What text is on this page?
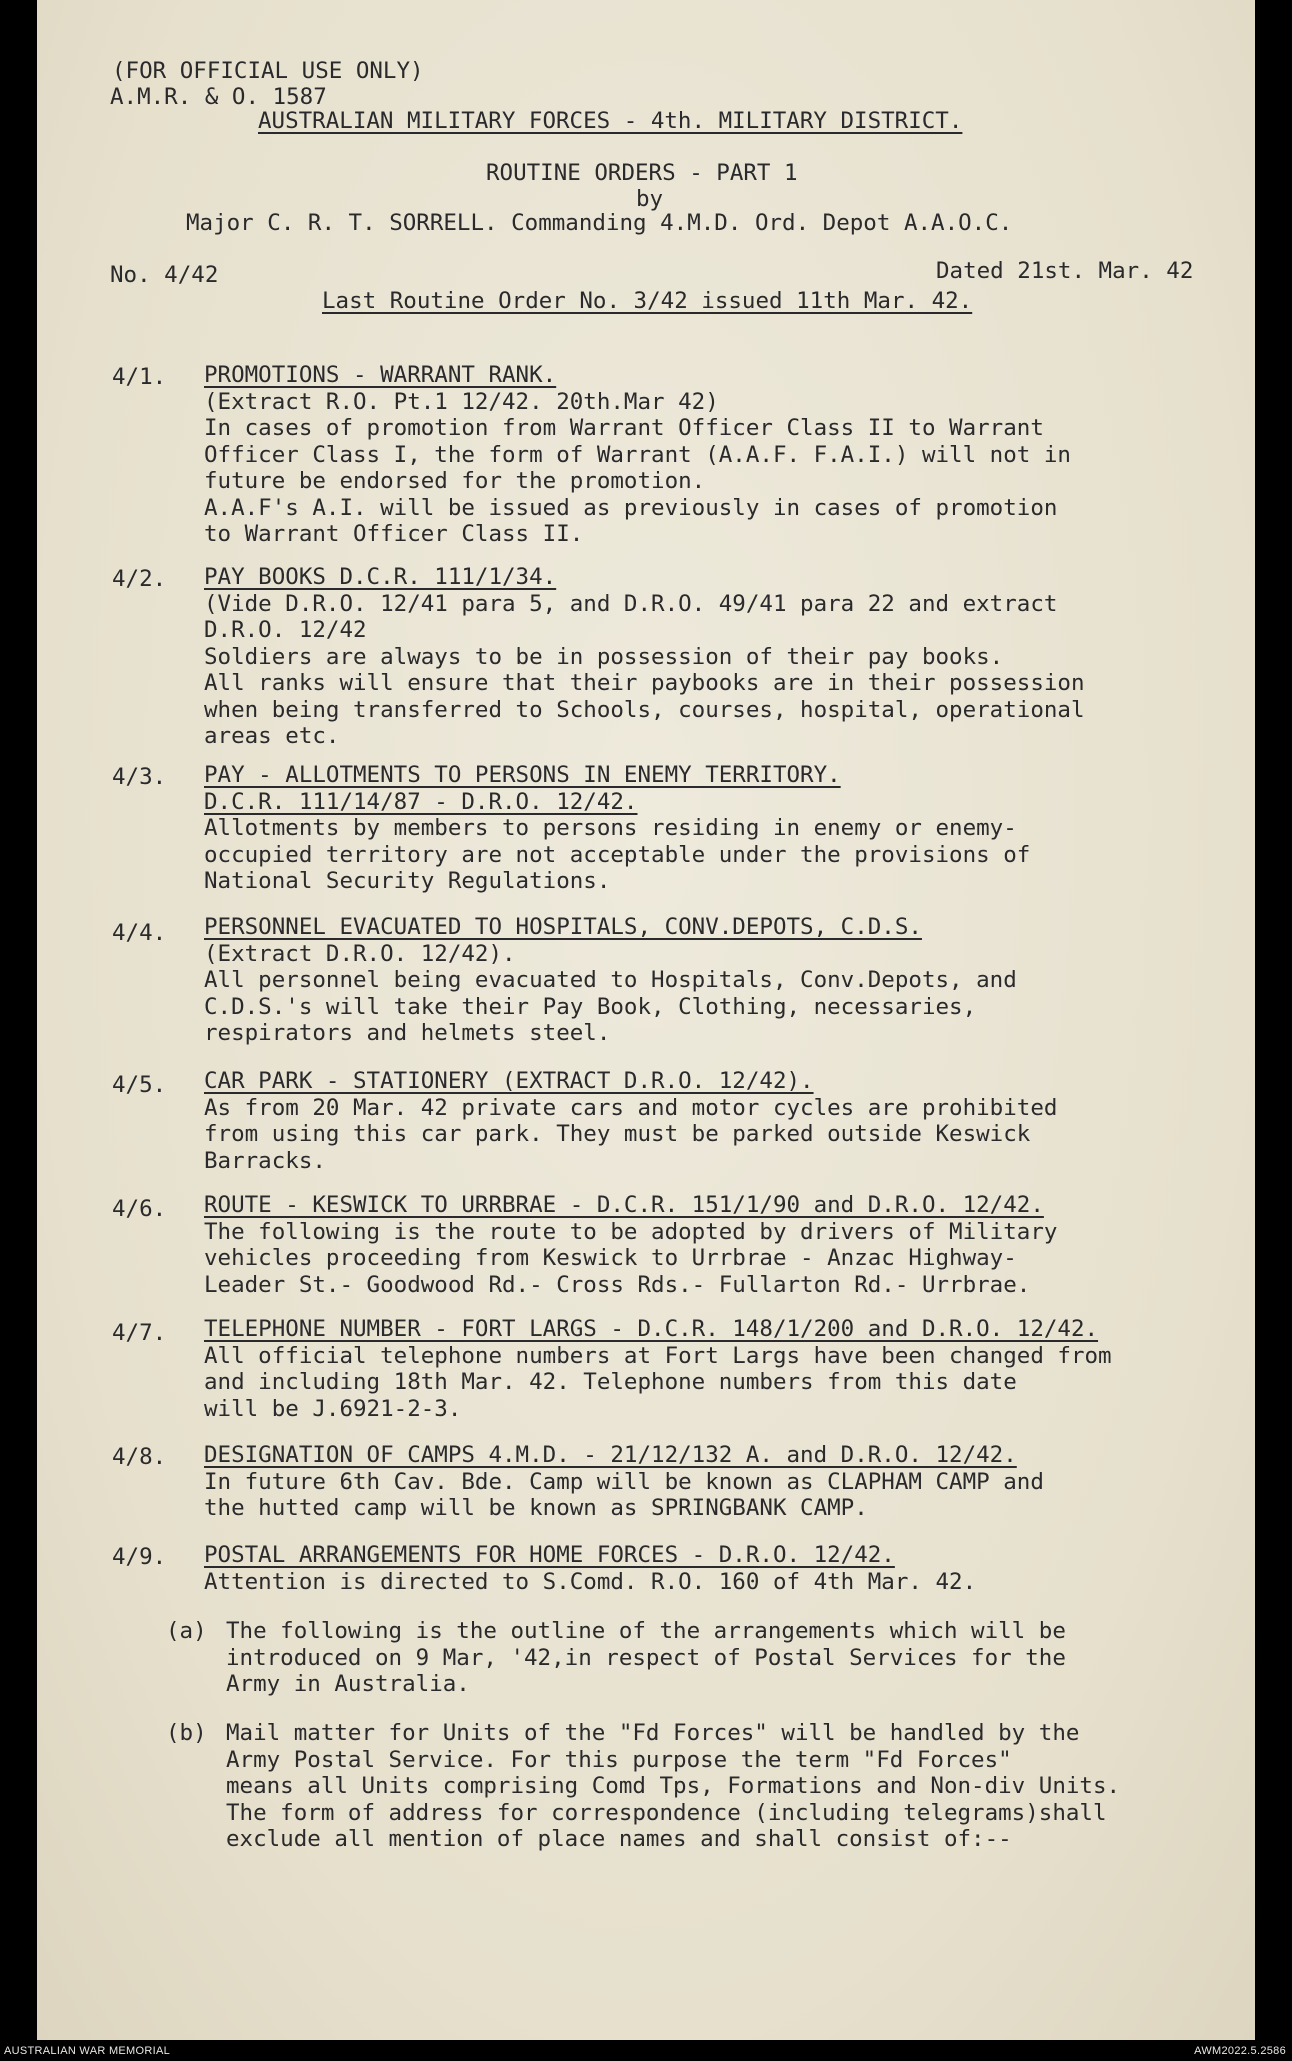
(FOR OFFICIAL USE ONLY)
A.M.R. & O. 1587
AUSTRALIAN MILITARY FORCES - 4th. MILITARY DISTRICT.
ROUTINE ORDERS - PART 1
by
Major C. R. T. SORRELL. Commanding 4.M.D. Ord. Depot A.A.O.C.
No. 4/42	Dated 21st. Mar. 42
Last Routine Order No. 3/42 issued 11th Mar. 42.
4/1. PROMOTIONS - WARRANT RANK.
(Extract R.O. Pt.1 12/42. 20th.Mar 42)
In cases of promotion from Warrant Officer Class II to Warrant
Officer Class I, the form of Warrant (A.A.F. F.A.I.) will not in
future be endorsed for the promotion.
A.A.F's A.I. will be issued as previously in cases of promotion
to Warrant Officer Class II.
4/2. PAY BOOKS D.C.R. 111/1/34.
(Vide D.R.O. 12/41 para 5, and D.R.O. 49/41 para 22 and extract
D.R.O. 12/42
Soldiers are always to be in possession of their pay books.
All ranks will ensure that their paybooks are in their possession
when being transferred to Schools, courses, hospital, operational
areas etc.
4/3. PAY - ALLOTMENTS TO PERSONS IN ENEMY TERRITORY.
D.C.R. 111/14/87 - D.R.O. 12/42.
Allotments by members to persons residing in enemy or enemy-
occupied territory are not acceptable under the provisions of
National Security Regulations.
4/4. PERSONNEL EVACUATED TO HOSPITALS, CONV.DEPOTS, C.D.S.
(Extract D.R.O. 12/42).
All personnel being evacuated to Hospitals, Conv.Depots, and
C.D.S.'s will take their Pay Book, Clothing, necessaries,
respirators and helmets steel.
4/5. CAR PARK - STATIONERY (EXTRACT D.R.O. 12/42).
As from 20 Mar. 42 private cars and motor cycles are prohibited
from using this car park. They must be parked outside Keswick
Barracks.
4/6. ROUTE - KESWICK TO URRBRAE - D.C.R. 151/1/90 and D.R.O. 12/42.
The following is the route to be adopted by drivers of Military
vehicles proceeding from Keswick to Urrbrae - Anzac Highway-
Leader St.- Goodwood Rd.- Cross Rds.- Fullarton Rd.- Urrbrae.
4/7. TELEPHONE NUMBER - FORT LARGS - D.C.R. 148/1/200 and D.R.O. 12/42.
All official telephone numbers at Fort Largs have been changed from
and including 18th Mar. 42. Telephone numbers from this date
will be J.6921-2-3.
4/8. DESIGNATION OF CAMPS 4.M.D. - 21/12/132 A. and D.R.O. 12/42.
In future 6th Cav. Bde. Camp will be known as CLAPHAM CAMP and
the hutted camp will be known as SPRINGBANK CAMP.
4/9. POSTAL ARRANGEMENTS FOR HOME FORCES - D.R.O. 12/42.
Attention is directed to S.Comd. R.O. 160 of 4th Mar. 42.
(a) The following is the outline of the arrangements which will be
introduced on 9 Mar, '42,in respect of Postal Services for the
Army in Australia.
(b) Mail matter for Units of the "Fd Forces" will be handled by the
Army Postal Service. For this purpose the term "Fd Forces"
means all Units comprising Comd Tps, Formations and Non-div Units.
The form of address for correspondence (including telegrams)shall
exclude all mention of place names and shall consist of:--
AUSTRALIAN WAR MEMORIAL	AWM2022.5.2586
